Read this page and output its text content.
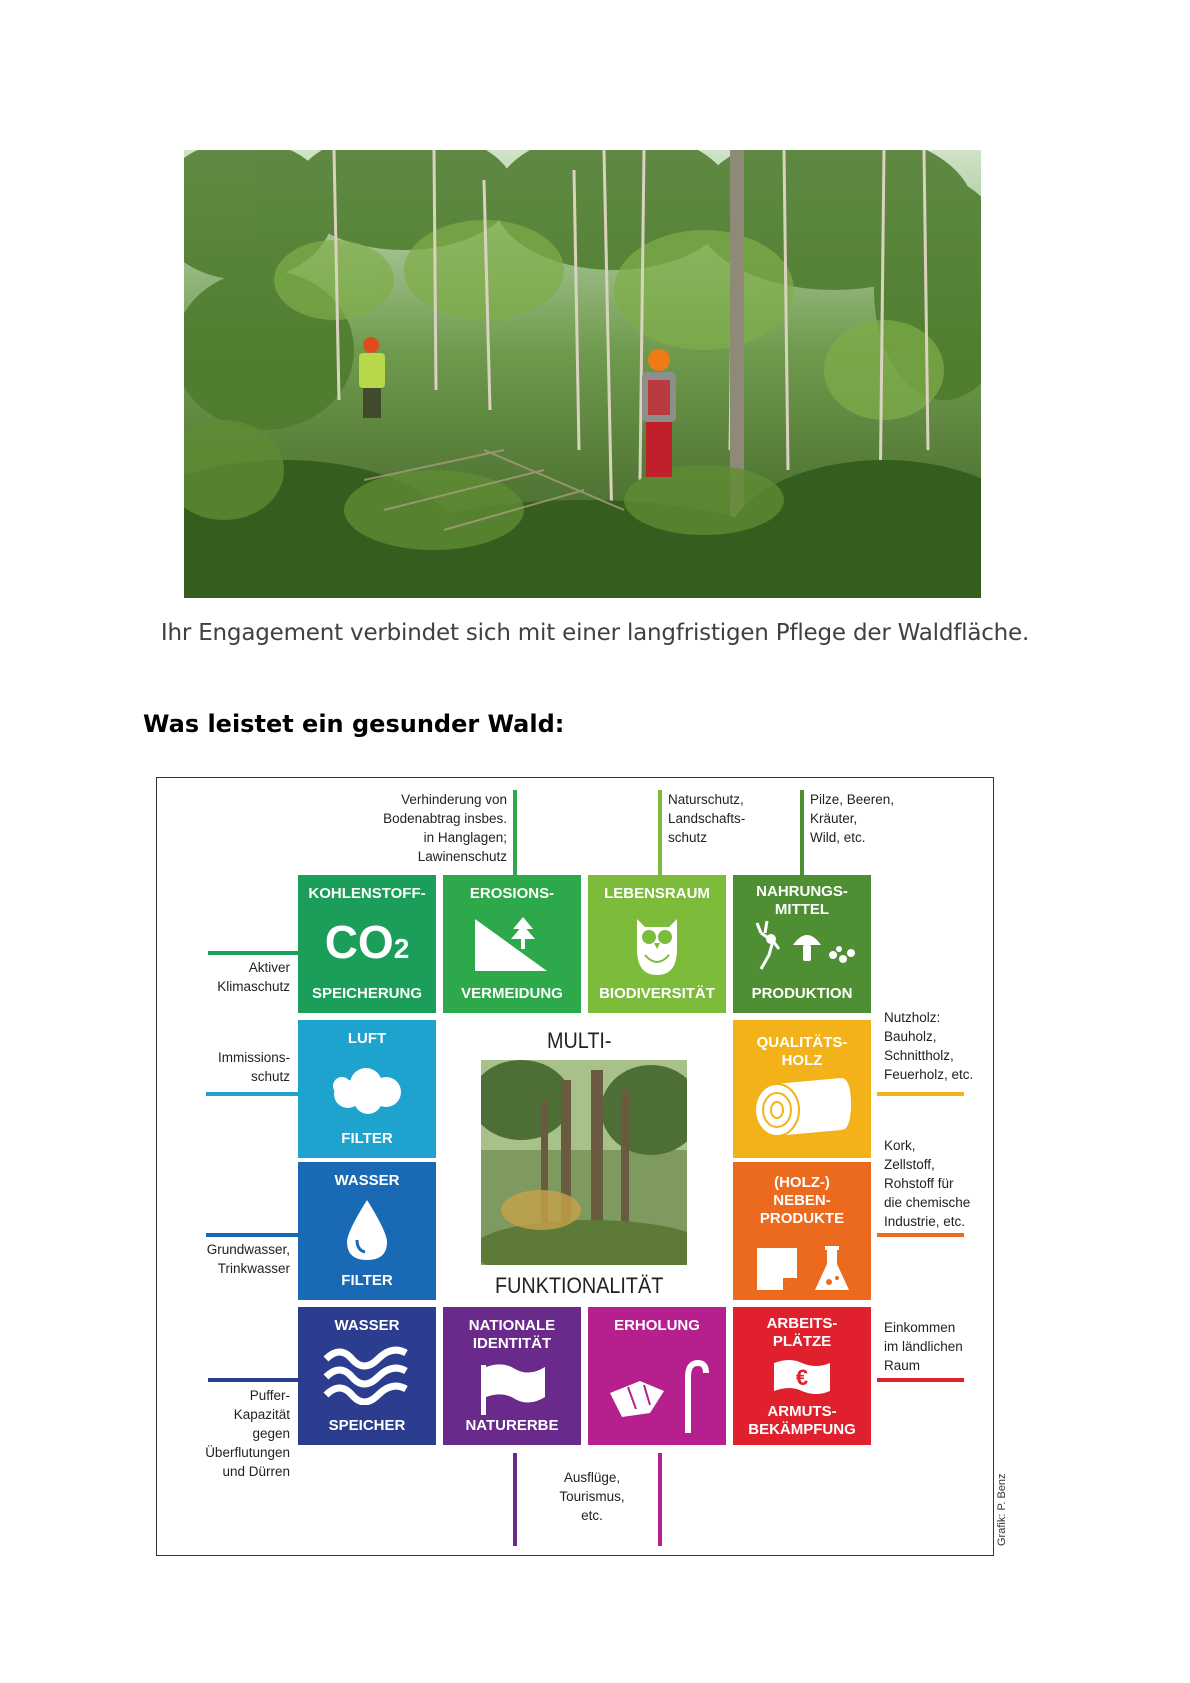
Ihr Engagement verbindet sich mit einer langfristigen Pflege der Waldfläche.
Was leistet ein gesunder Wald:
Verhinderung von
Bodenabtrag insbes.
in Hanglagen;
Lawinenschutz
Naturschutz,
Landschafts-
schutz
Pilze, Beeren,
Kräuter,
Wild, etc.
Aktiver
Klimaschutz
Immissions-
schutz
Grundwasser,
Trinkwasser
Puffer-
Kapazität
gegen
Überflutungen
und Dürren
Nutzholz:
Bauholz,
Schnittholz,
Feuerholz, etc.
Kork,
Zellstoff,
Rohstoff für
die chemische
Industrie, etc.
Einkommen
im ländlichen
Raum
Ausflüge,
Tourismus,
etc.
KOHLENSTOFF-
CO2
SPEICHERUNG
EROSIONS-
VERMEIDUNG
LEBENSRAUM
BIODIVERSITÄT
NAHRUNGS-
MITTEL
PRODUKTION
LUFT
FILTER
WASSER
FILTER
MULTI-
FUNKTIONALITÄT
QUALITÄTS-
HOLZ
(HOLZ-)
NEBEN-
PRODUKTE
WASSER
SPEICHER
NATIONALE
IDENTITÄT
NATURERBE
ERHOLUNG	ARBEITS-
PLÄTZE
€
ARMUTS-
BEKÄMPFUNG
Grafik: P. Benz
